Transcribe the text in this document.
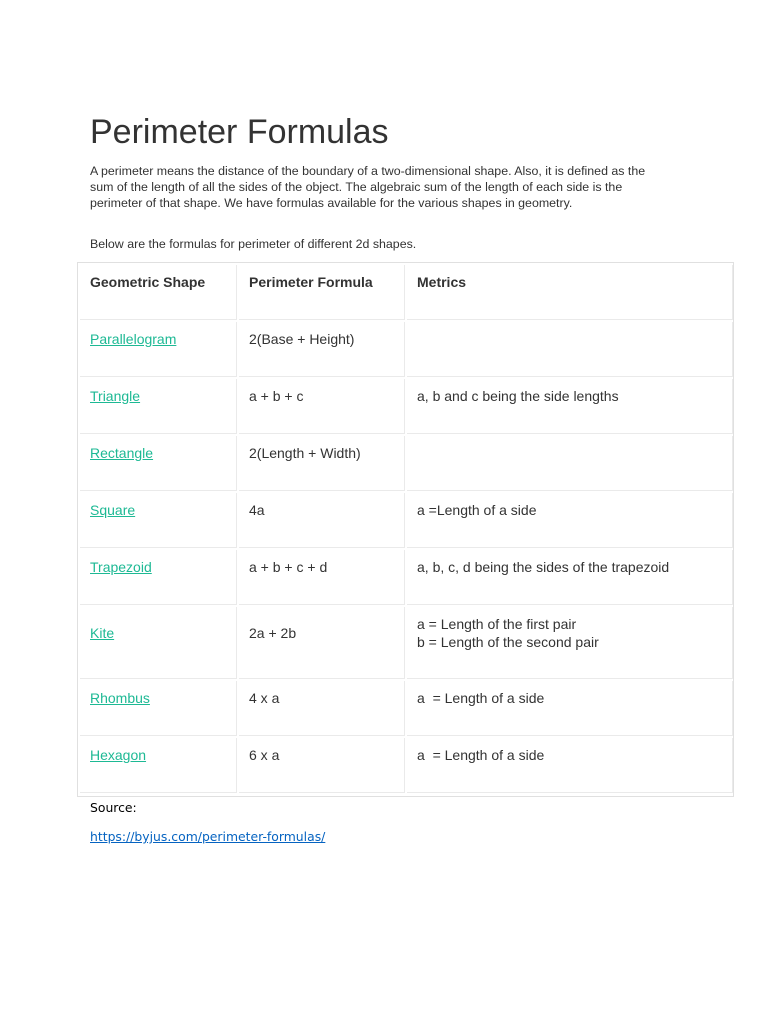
Perimeter Formulas

A perimeter means the distance of the boundary of a two-dimensional shape. Also, it is defined as the sum of the length of all the sides of the object. The algebraic sum of the length of each side is the perimeter of that shape. We have formulas available for the various shapes in geometry.

Below are the formulas for perimeter of different 2d shapes.

Geometric Shape	Perimeter Formula	Metrics
Parallelogram	2(Base + Height)	

Triangle	a + b + c	a, b and c being the side lengths

Rectangle	2(Length + Width)	

Square	4a	a =Length of a side

Trapezoid	a + b + c + d	a, b, c, d being the sides of the trapezoid

Kite	2a + 2b	a = Length of the first pair
b = Length of the second pair

Rhombus	4 x a	a  = Length of a side

Hexagon	6 x a	a  = Length of a side

Source:

https://byjus.com/perimeter-formulas/
